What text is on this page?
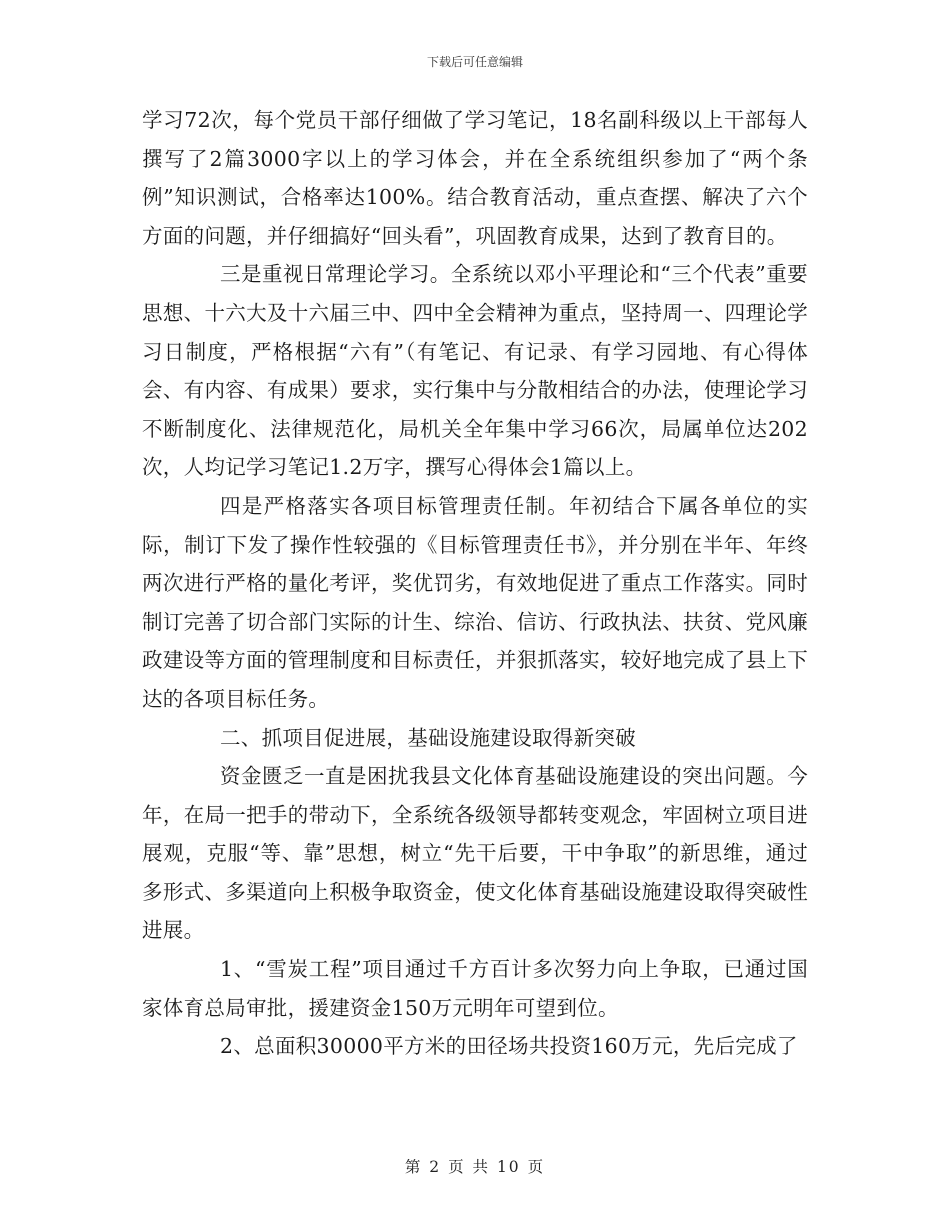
下载后可任意编辑

学习72次，每个党员干部仔细做了学习笔记，18名副科级以上干部每人撰写了2篇3000字以上的学习体会，并在全系统组织参加了“两个条例”知识测试，合格率达100%。结合教育活动，重点查摆、解决了六个方面的问题，并仔细搞好“回头看”，巩固教育成果，达到了教育目的。

三是重视日常理论学习。全系统以邓小平理论和“三个代表”重要思想、十六大及十六届三中、四中全会精神为重点，坚持周一、四理论学习日制度，严格根据“六有”（有笔记、有记录、有学习园地、有心得体会、有内容、有成果）要求，实行集中与分散相结合的办法，使理论学习不断制度化、法律规范化，局机关全年集中学习66次，局属单位达202次，人均记学习笔记1.2万字，撰写心得体会1篇以上。

四是严格落实各项目标管理责任制。年初结合下属各单位的实际，制订下发了操作性较强的《目标管理责任书》，并分别在半年、年终两次进行严格的量化考评，奖优罚劣，有效地促进了重点工作落实。同时制订完善了切合部门实际的计生、综治、信访、行政执法、扶贫、党风廉政建设等方面的管理制度和目标责任，并狠抓落实，较好地完成了县上下达的各项目标任务。

二、抓项目促进展，基础设施建设取得新突破

资金匮乏一直是困扰我县文化体育基础设施建设的突出问题。今年，在局一把手的带动下，全系统各级领导都转变观念，牢固树立项目进展观，克服“等、靠”思想，树立“先干后要，干中争取”的新思维，通过多形式、多渠道向上积极争取资金，使文化体育基础设施建设取得突破性进展。

1、“雪炭工程”项目通过千方百计多次努力向上争取，已通过国家体育总局审批，援建资金150万元明年可望到位。

2、总面积30000平方米的田径场共投资160万元，先后完成了

第 2 页 共 10 页
